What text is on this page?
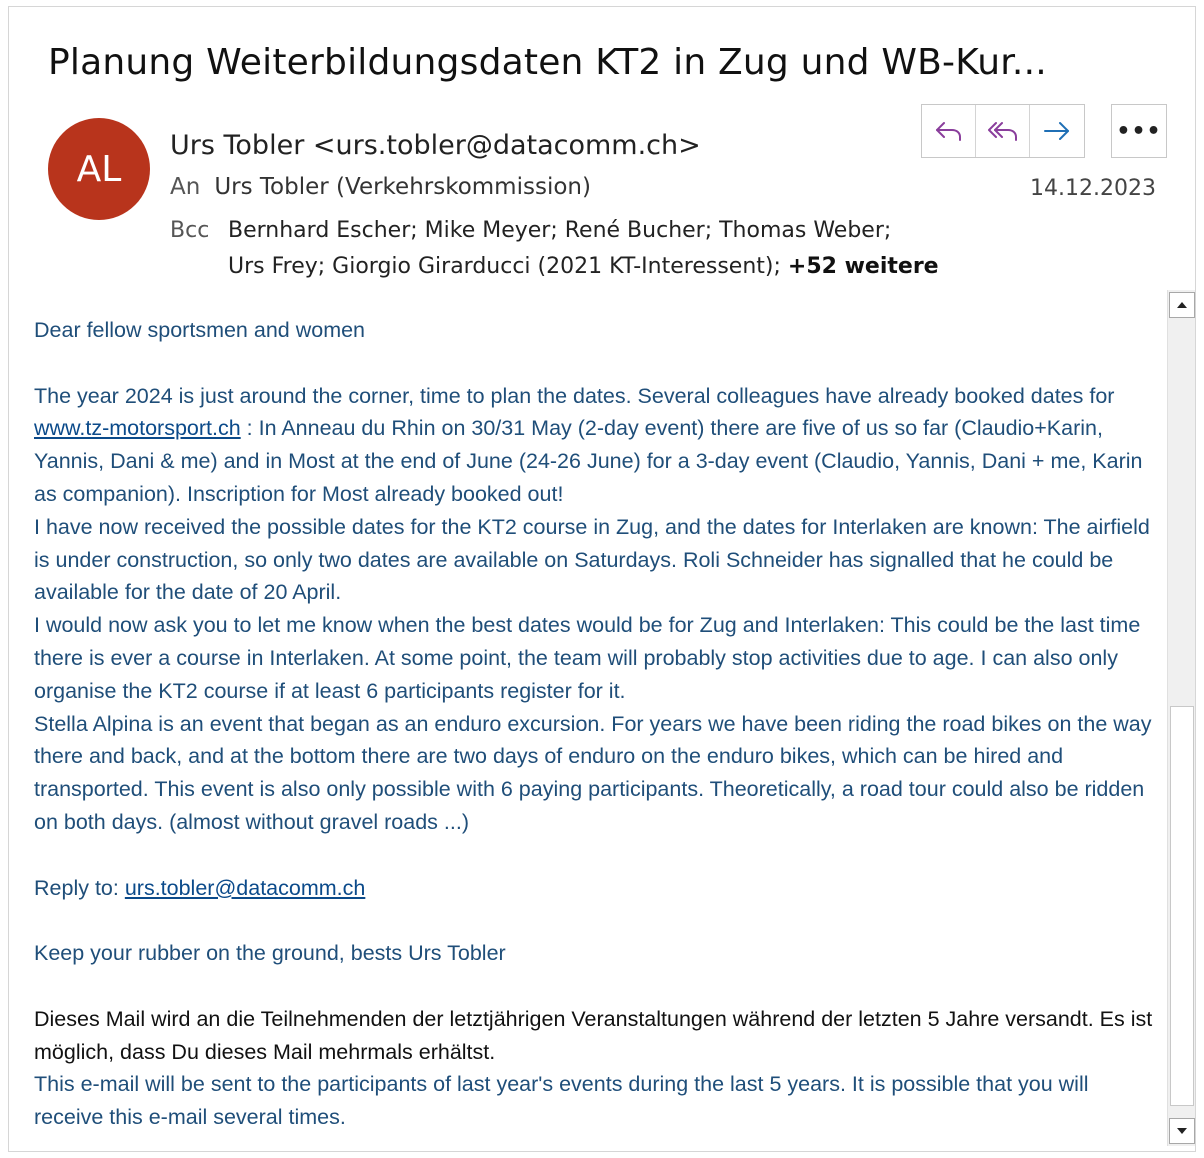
Planung Weiterbildungsdaten KT2 in Zug und WB-Kur...
AL
Urs Tobler <urs.tobler@datacomm.ch>
An Urs Tobler (Verkehrskommission)	14.12.2023
Bcc Bernhard Escher; Mike Meyer; René Bucher; Thomas Weber;
Urs Frey; Giorgio Girarducci (2021 KT-Interessent); +52 weitere
•••

Dear fellow sportsmen and women

The year 2024 is just around the corner, time to plan the dates. Several colleagues have already booked dates for www.tz-motorsport.ch : In Anneau du Rhin on 30/31 May (2-day event) there are five of us so far (Claudio+Karin, Yannis, Dani & me) and in Most at the end of June (24-26 June) for a 3-day event (Claudio, Yannis, Dani + me, Karin as companion). Inscription for Most already booked out!

I have now received the possible dates for the KT2 course in Zug, and the dates for Interlaken are known: The airfield is under construction, so only two dates are available on Saturdays. Roli Schneider has signalled that he could be available for the date of 20 April.

I would now ask you to let me know when the best dates would be for Zug and Interlaken: This could be the last time there is ever a course in Interlaken. At some point, the team will probably stop activities due to age. I can also only organise the KT2 course if at least 6 participants register for it.

Stella Alpina is an event that began as an enduro excursion. For years we have been riding the road bikes on the way there and back, and at the bottom there are two days of enduro on the enduro bikes, which can be hired and transported. This event is also only possible with 6 paying participants. Theoretically, a road tour could also be ridden on both days. (almost without gravel roads ...)

Reply to: urs.tobler@datacomm.ch

Keep your rubber on the ground, bests Urs Tobler

Dieses Mail wird an die Teilnehmenden der letztjährigen Veranstaltungen während der letzten 5 Jahre versandt. Es ist möglich, dass Du dieses Mail mehrmals erhältst.

This e-mail will be sent to the participants of last year's events during the last 5 years. It is possible that you will receive this e-mail several times.
